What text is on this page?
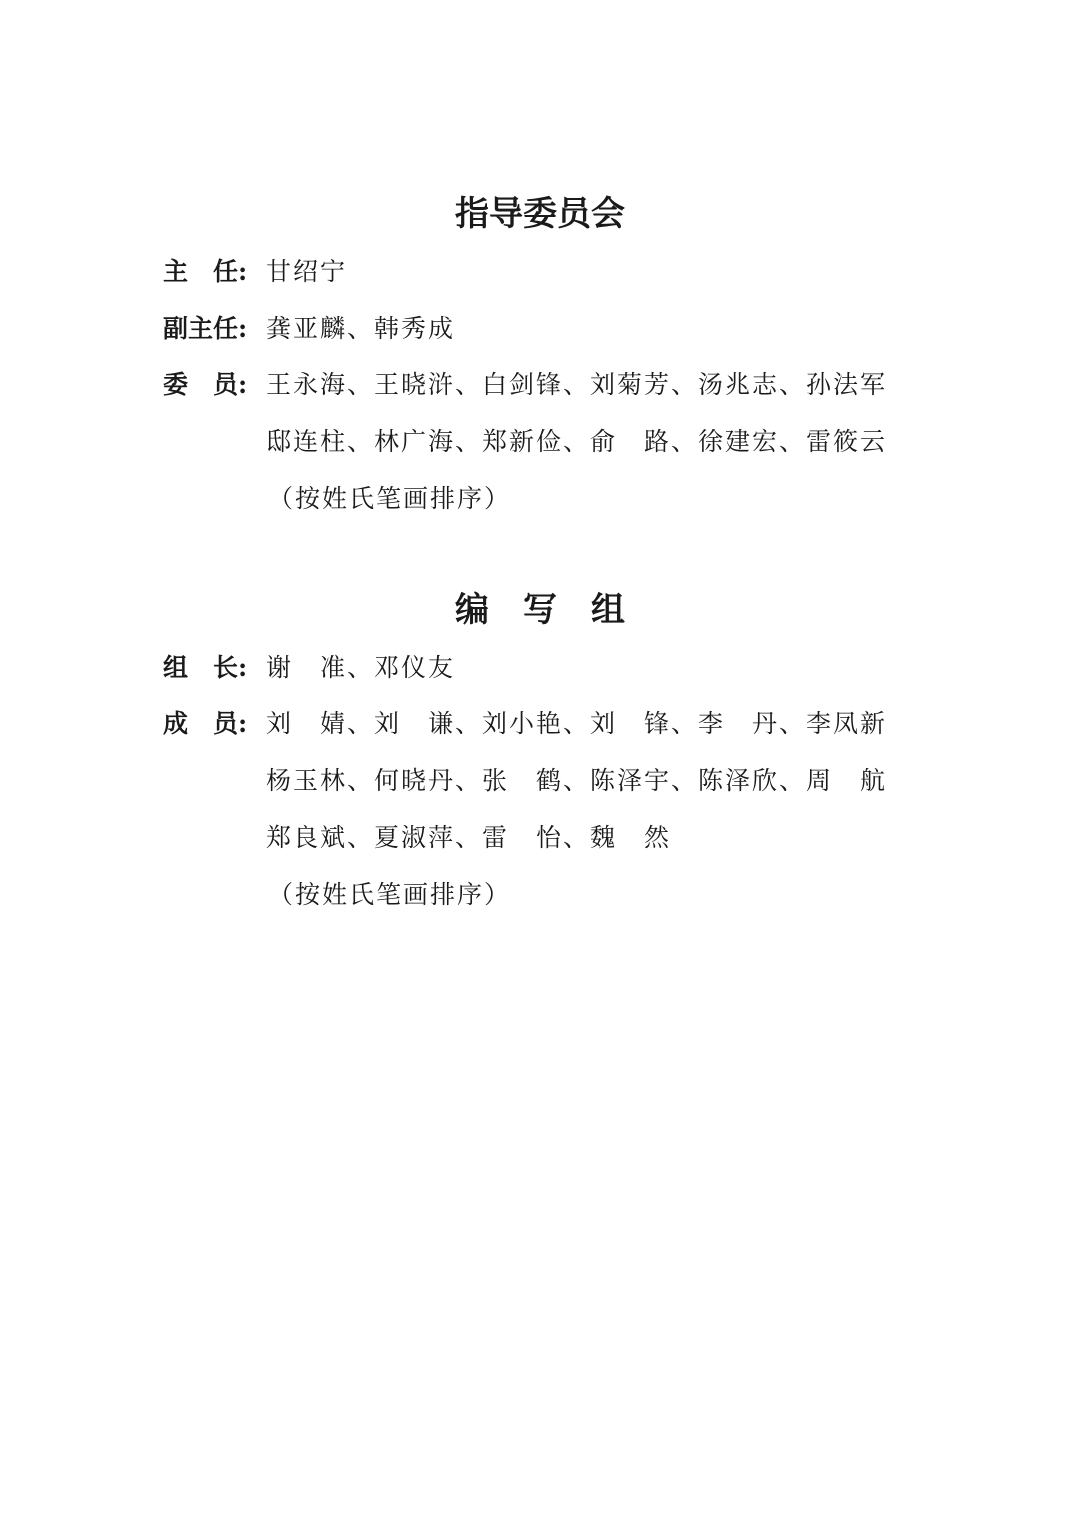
指导委员会
主　任: 甘绍宁
副主任: 龚亚麟、韩秀成
委　员: 王永海、王晓浒、白剑锋、刘菊芳、汤兆志、孙法军
邸连柱、林广海、郑新俭、俞　路、徐建宏、雷筱云
（按姓氏笔画排序）
编　写　组
组　长: 谢　准、邓仪友
成　员: 刘　婧、刘　谦、刘小艳、刘　锋、李　丹、李凤新
杨玉林、何晓丹、张　鹤、陈泽宇、陈泽欣、周　航
郑良斌、夏淑萍、雷　怡、魏　然
（按姓氏笔画排序）
